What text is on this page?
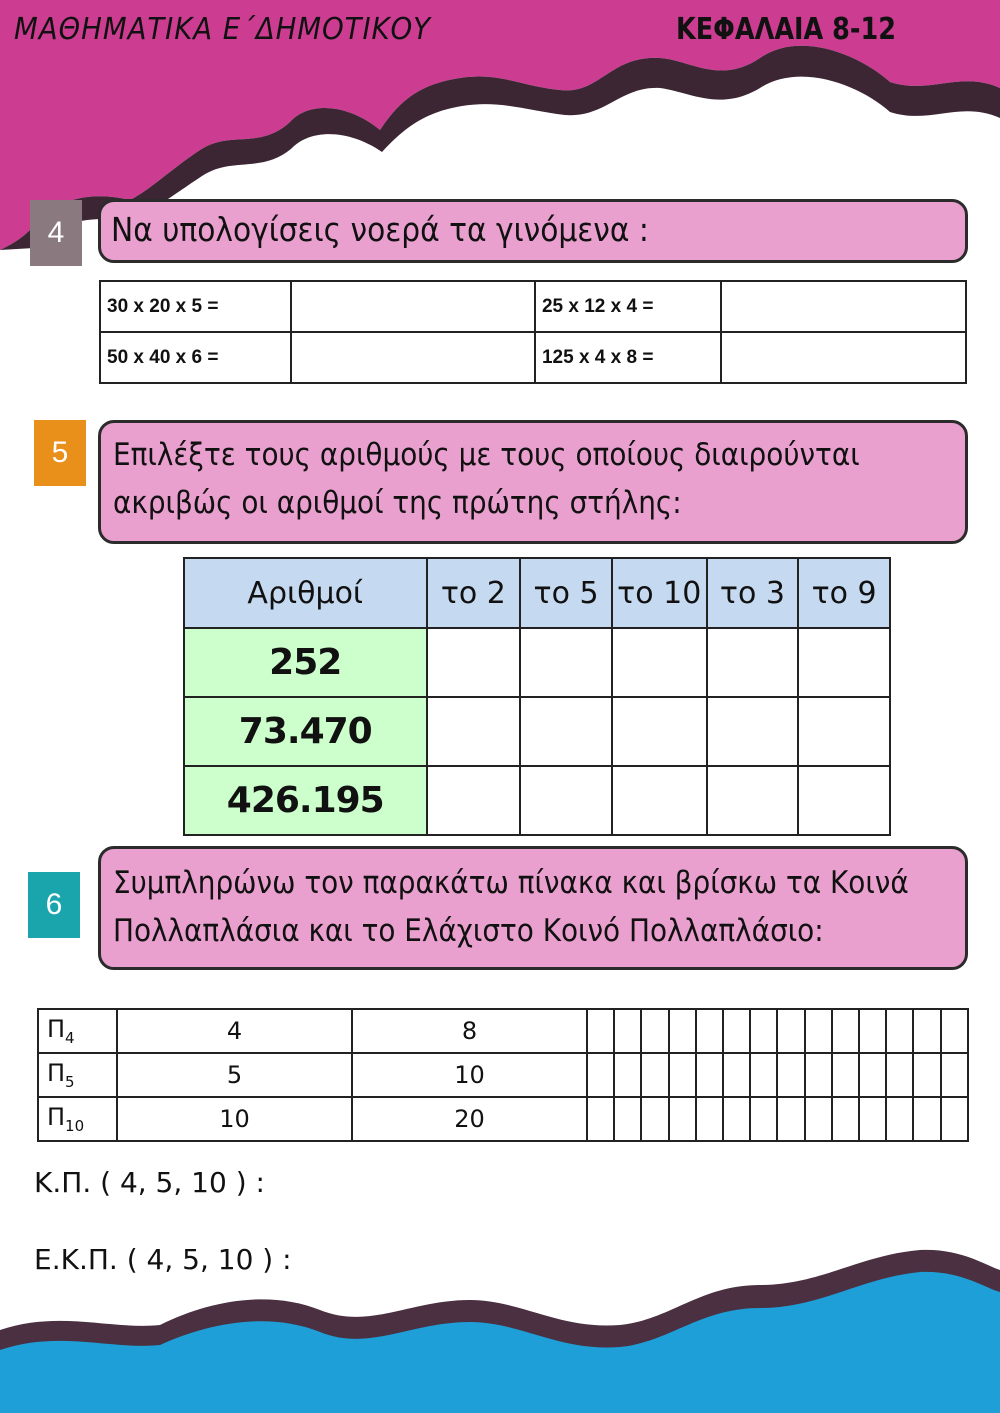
ΜΑΘΗΜΑΤΙΚΑ Ε΄ΔΗΜΟΤΙΚΟΥ	ΚΕΦΑΛΑΙΑ 8-12
4	Να υπολογίσεις νοερά τα γινόμενα :
30 x 20 x 5 =		25 x 12 x 4 =	
50 x 40 x 6 =		125 x 4 x 8 =	
5	Επιλέξτε τους αριθμούς με τους οποίους διαιρούνται
ακριβώς οι αριθμοί της πρώτης στήλης:
Αριθμοί	το 2	το 5	το 10	το 3	το 9
252					
73.470					
426.195					
6
Συμπληρώνω τον παρακάτω πίνακα και βρίσκω τα Κοινά
Πολλαπλάσια και το Ελάχιστο Κοινό Πολλαπλάσιο:
$\Pi_4$	4	8														
$\Pi_5$	5	10														
$\Pi_{10}$	10	20														
Κ.Π. ( 4, 5, 10 ) :
Ε.Κ.Π. ( 4, 5, 10 ) :
